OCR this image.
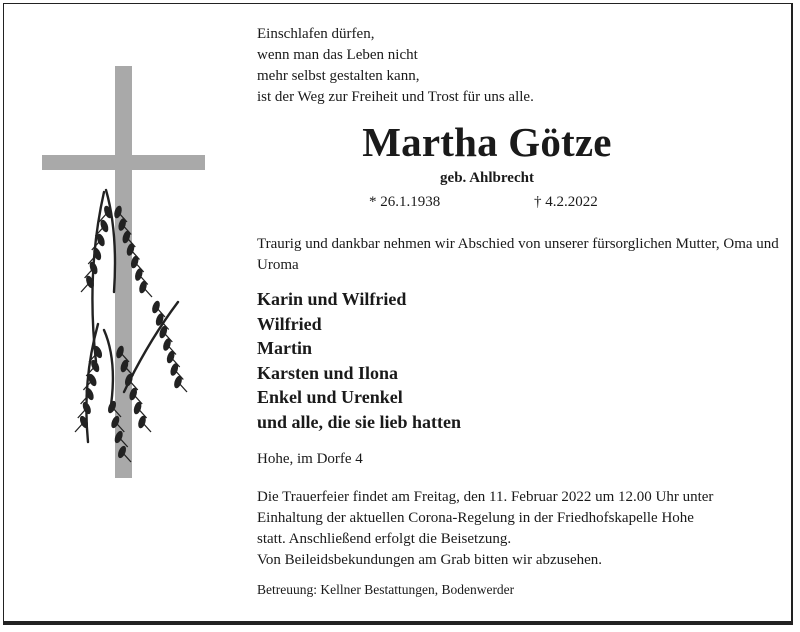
Einschlafen dürfen,
wenn man das Leben nicht
mehr selbst gestalten kann,
ist der Weg zur Freiheit und Trost für uns alle.
Martha Götze
geb. Ahlbrecht
* 26.1.1938	† 4.2.2022
Traurig und dankbar nehmen wir Abschied von unserer fürsorglichen Mutter, Oma und Uroma
Karin und Wilfried
Wilfried
Martin
Karsten und Ilona
Enkel und Urenkel
und alle, die sie lieb hatten
Hohe, im Dorfe 4
Die Trauerfeier findet am Freitag, den 11. Februar 2022 um 12.00 Uhr unter
Einhaltung der aktuellen Corona-Regelung in der Friedhofskapelle Hohe
statt. Anschließend erfolgt die Beisetzung.
Von Beileidsbekundungen am Grab bitten wir abzusehen.
Betreuung: Kellner Bestattungen, Bodenwerder
